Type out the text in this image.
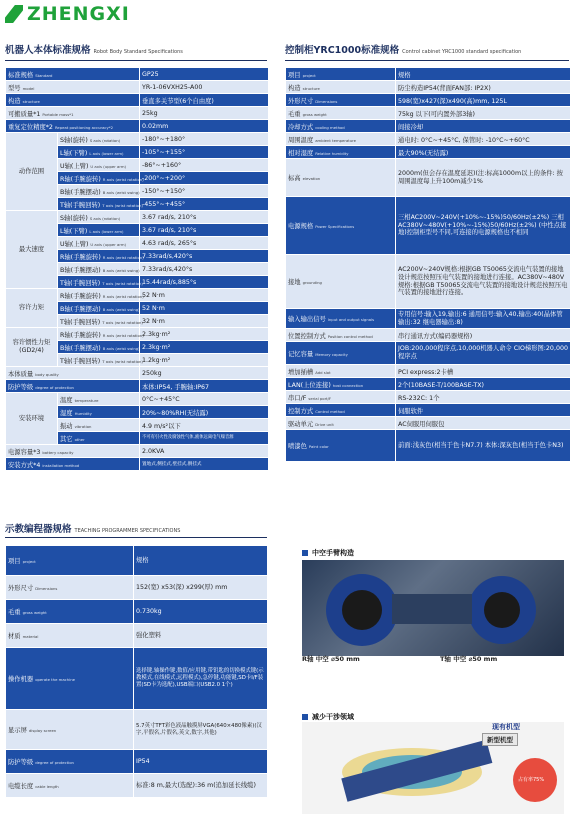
ZHENGXI
机器人本体标准规格 Robot Body Standard Specifications
标准规格 Standard		GP25
型号 model		YR-1-06VXH25-A00
构造 structure		垂直多关节型(6个自由度)
可搬质量*1 Portable mass*1		25kg
重复定位精度*2 Repeat positioning accuracy*2		0.02mm
动作范围	S轴(旋转) S axis (rotation)	-180°~+180°
	L轴(下臂) L axis (lower arm)	-105°~+155°
	U轴(上臂) U axis (upper arm)	-86°~+160°
	R轴(手腕旋转) R axis (wrist rotation)	-200°~+200°
	B轴(手腕摆动) B axis (wrist swing)	-150°~+150°
	T轴(手腕回转) T axis (wrist rotation)	-455°~+455°
最大速度	S轴(旋转) S axis (rotation)	3.67 rad/s, 210°s
	L轴(下臂) L axis (lower arm)	3.67 rad/s, 210°s
	U轴(上臂) U axis (upper arm)	4.63 rad/s, 265°s
	R轴(手腕旋转) R axis (wrist rotation)	7.33rad/s,420°s
	B轴(手腕摆动) B axis (wrist swing)	7.33rad/s,420°s
	T轴(手腕回转) T axis (wrist rotation)	15.44rad/s,885°s
容许力矩	R轴(手腕旋转) R axis (wrist rotation)	52 N·m
	B轴(手腕摆动) B axis (wrist swing)	52 N·m
	T轴(手腕回转) T axis (wrist rotation)	32 N·m
容许惯性力矩(GD2/4)	R轴(手腕旋转) R axis (wrist rotation)	2.3kg·m²
	B轴(手腕摆动) B axis (wrist swing)	2.3kg·m²
	T轴(手腕回转) T axis (wrist rotation)	1.2kg·m²
本体质量 body quality		250kg
防护等级 degree of protection		本体:IP54, 手腕轴:IP67
安装环境	温度 temperature	0°C~+45°C
	湿度 Humidity	20%~80%RH(无结露)
	振动 vibration	4.9 m/s²以下
	其它 other	不可有引火性及腐蚀性气体,液体远离电气噪音源
电源容量*3 battery capacity		2.0KVA
安装方式*4 installation method		置地式,侧挂式,壁挂式,倒挂式
控制柜YRC1000标准规格 Control cabinet YRC1000 standard specification
项目 project	规格
构造 structure	防尘构造IP54(背面FAN部: IP2X)
外形尺寸 Dimensions	598(宽)x427(深)x490(高)mm, 125L
毛重 gross weight	75kg 以下(可内置外部3轴)
冷却方式 cooling method	间接冷却
周围温度 ambient temperature	通电时: 0°C~+45°C, 保管时: -10°C~+60°C
相对湿度 Relative humidity	最大90%(无结露)
标高 elevation	2000m(但会存在温度延迟)(注:标高1000m以上的条件: 按周围温度每上升100m减少1%
电源规格 Power Specifications	三相AC200V~240V(+10%~-15%)50/60Hz(±2%) 三相AC380V~480V(+10%~-15%)50/60Hz(±2%) (中性点接地)控制柜型号不同,可连接的电源规格也不相同
接地 grounding	AC200V~240V规格:根据GB T50065交流电气装置的接地设计规范按照压电气装置的接地进行连接。AC380V~480V规格:根据GB T50065交流电气装置的接地设计规范按照压电气装置的接地进行连接。
输入输出信号 Input and output signals	专用信号:输入19,输出:6 通用信号:输入40,输出:40(晶体管输出:32 继电器输出:8)
位置控制方式 Position control method	串行通讯方式(编码器规格)
记忆容量 Memory capacity	JOB:200,000程序点,10,000机器人命令 CIO梯形图:20,000程序点
增加插槽 Add slot	PCI express:2卡槽
LAN(上位连接) host connection	2个(10BASE-T/100BASE-TX)
串口/F serial port/F	RS-232C: 1个
控制方式 Control method	伺服软件
驱动单元 Drive unit	AC伺服用伺服包
喷漆色 Paint color	前面:浅灰色(相当于色卡N7.7) 本体:深灰色(相当于色卡N3)
示教编程器规格 TEACHING PROGRAMMER SPECIFICATIONS
项目 project	规格
外形尺寸 Dimensions	152(宽) x53(深) x299(厚) mm
毛重 gross weight	0.730kg
材质 material	强化塑料
操作机器 operate the machine	选择键,轴操作键,数值/应用键,带钥匙的切换模式键(示教模式,在线模式,远程模式),急停键,功能键,SD卡I/F装置(SD卡为选配),USB端口(USB2.0 1个)
显示屏 display screen	5.7英寸TFT彩色液晶触摸屏VGA(640×480像素)(汉字,平假名,片假名,英文,数字,其他)
防护等级 degree of protection	IP54
电缆长度 cable length	标准:8 m,最大(选配):36 m(追加延长线缆)
中空手臂构造
R轴 中空 ⌀50 mm	T轴 中空 ⌀50 mm
减少干涉领域
现有机型
新型机型
占有率75%
